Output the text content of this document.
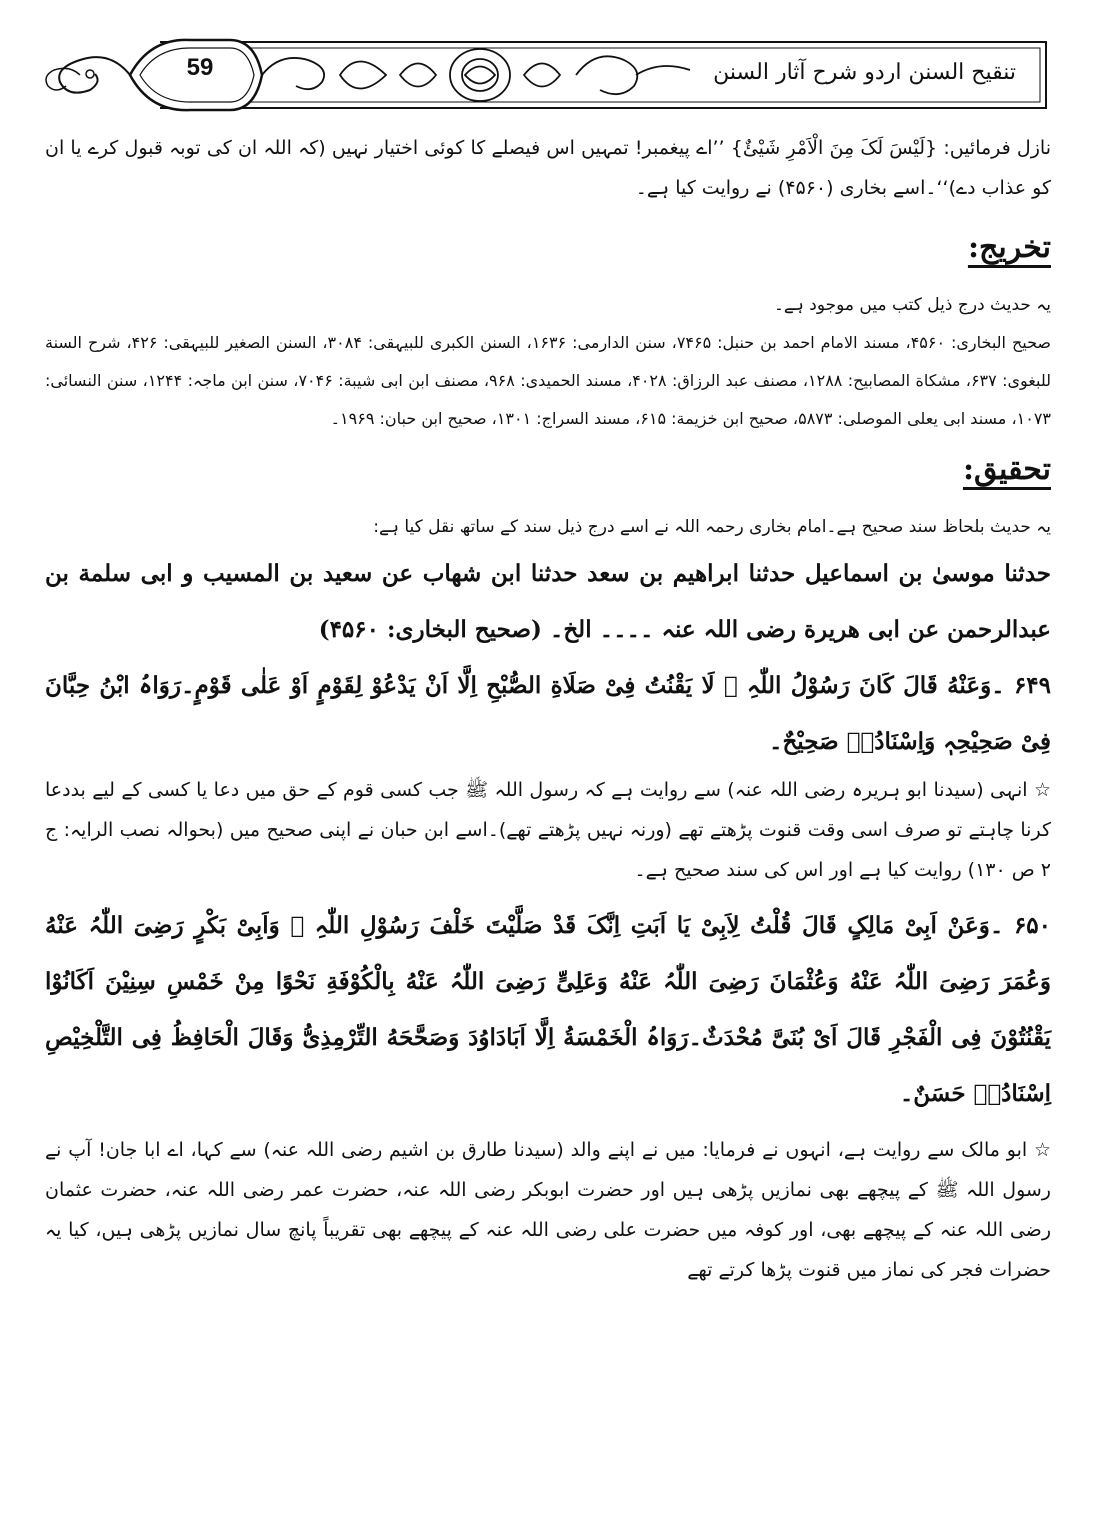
59	تنقیح السنن اردو شرح آثار السنن

نازل فرمائیں: {لَیْسَ لَکَ مِنَ الْاَمْرِ شَيْئٌ} ’’اے پیغمبر! تمہیں اس فیصلے کا کوئی اختیار نہیں (کہ اللہ ان کی توبہ قبول کرے یا ان کو عذاب دے)‘‘۔اسے بخاری (۴۵۶۰) نے روایت کیا ہے۔

تخریج:

یہ حدیث درج ذیل کتب میں موجود ہے۔

صحیح البخاری: ۴۵۶۰، مسند الامام احمد بن حنبل: ۷۴۶۵، سنن الدارمی: ۱۶۳۶، السنن الکبری للبیہقی: ۳۰۸۴، السنن الصغیر للبیہقی: ۴۲۶، شرح السنة للبغوی: ۶۳۷، مشکاة المصابیح: ۱۲۸۸، مصنف عبد الرزاق: ۴۰۲۸، مسند الحمیدی: ۹۶۸، مصنف ابن ابی شیبة: ۷۰۴۶، سنن ابن ماجہ: ۱۲۴۴، سنن النسائی: ۱۰۷۳، مسند ابی یعلی الموصلی: ۵۸۷۳، صحیح ابن خزیمة: ۶۱۵، مسند السراج: ۱۳۰۱، صحیح ابن حبان: ۱۹۶۹۔

تحقیق:

یہ حدیث بلحاظ سند صحیح ہے۔امام بخاری رحمہ اللہ نے اسے درج ذیل سند کے ساتھ نقل کیا ہے:

حدثنا موسیٰ بن اسماعیل حدثنا ابراھیم بن سعد حدثنا ابن شھاب عن سعید بن المسیب و ابی سلمة بن عبدالرحمن عن ابی ھریرة رضی اللہ عنہ ۔۔۔۔ الخ۔ (صحیح البخاری: ۴۵۶۰)

۶۴۹ ۔وَعَنْهُ قَالَ کَانَ رَسُوْلُ اللّٰہِ ﷺ لَا یَقْنُتُ فِیْ صَلَاةِ الصُّبْحِ اِلَّا اَنْ یَدْعُوْ لِقَوْمٍ اَوْ عَلٰی قَوْمٍ۔رَوَاہُ ابْنُ حِبَّانَ فِیْ صَحِیْحِہٖ وَاِسْنَادُہٗ صَحِیْحٌ۔

☆ انہی (سیدنا ابو ہریرہ رضی اللہ عنہ) سے روایت ہے کہ رسول اللہ ﷺ جب کسی قوم کے حق میں دعا یا کسی کے لیے بددعا کرنا چاہتے تو صرف اسی وقت قنوت پڑھتے تھے (ورنہ نہیں پڑھتے تھے)۔اسے ابن حبان نے اپنی صحیح میں (بحوالہ نصب الرایہ: ج ۲ ص ۱۳۰) روایت کیا ہے اور اس کی سند صحیح ہے۔

۶۵۰ ۔وَعَنْ اَبِیْ مَالِکٍ قَالَ قُلْتُ لِاَبِیْ یَا اَبَتِ اِنَّکَ قَدْ صَلَّیْتَ خَلْفَ رَسُوْلِ اللّٰہِ ﷺ وَاَبِیْ بَکْرٍ رَضِیَ اللّٰہُ عَنْهُ وَعُمَرَ رَضِیَ اللّٰہُ عَنْهُ وَعُثْمَانَ رَضِیَ اللّٰہُ عَنْهُ وَعَلِیٍّ رَضِیَ اللّٰہُ عَنْهُ بِالْکُوْفَةِ نَحْوًا مِنْ خَمْسِ سِنِیْنَ اَکَانُوْا یَقْنُتُوْنَ فِی الْفَجْرِ قَالَ اَیْ بُنَیَّ مُحْدَثٌ۔رَوَاہُ الْخَمْسَةُ اِلَّا اَبَادَاوُدَ وَصَحَّحَهُ التِّرْمِذِیُّ وَقَالَ الْحَافِظُ فِی التَّلْخِیْصِ اِسْنَادُہٗ حَسَنٌ۔

☆ ابو مالک سے روایت ہے، انہوں نے فرمایا: میں نے اپنے والد (سیدنا طارق بن اشیم رضی اللہ عنہ) سے کہا، اے ابا جان! آپ نے رسول اللہ ﷺ کے پیچھے بھی نمازیں پڑھی ہیں اور حضرت ابوبکر رضی اللہ عنہ، حضرت عمر رضی اللہ عنہ، حضرت عثمان رضی اللہ عنہ کے پیچھے بھی، اور کوفہ میں حضرت علی رضی اللہ عنہ کے پیچھے بھی تقریباً پانچ سال نمازیں پڑھی ہیں، کیا یہ حضرات فجر کی نماز میں قنوت پڑھا کرتے تھے
